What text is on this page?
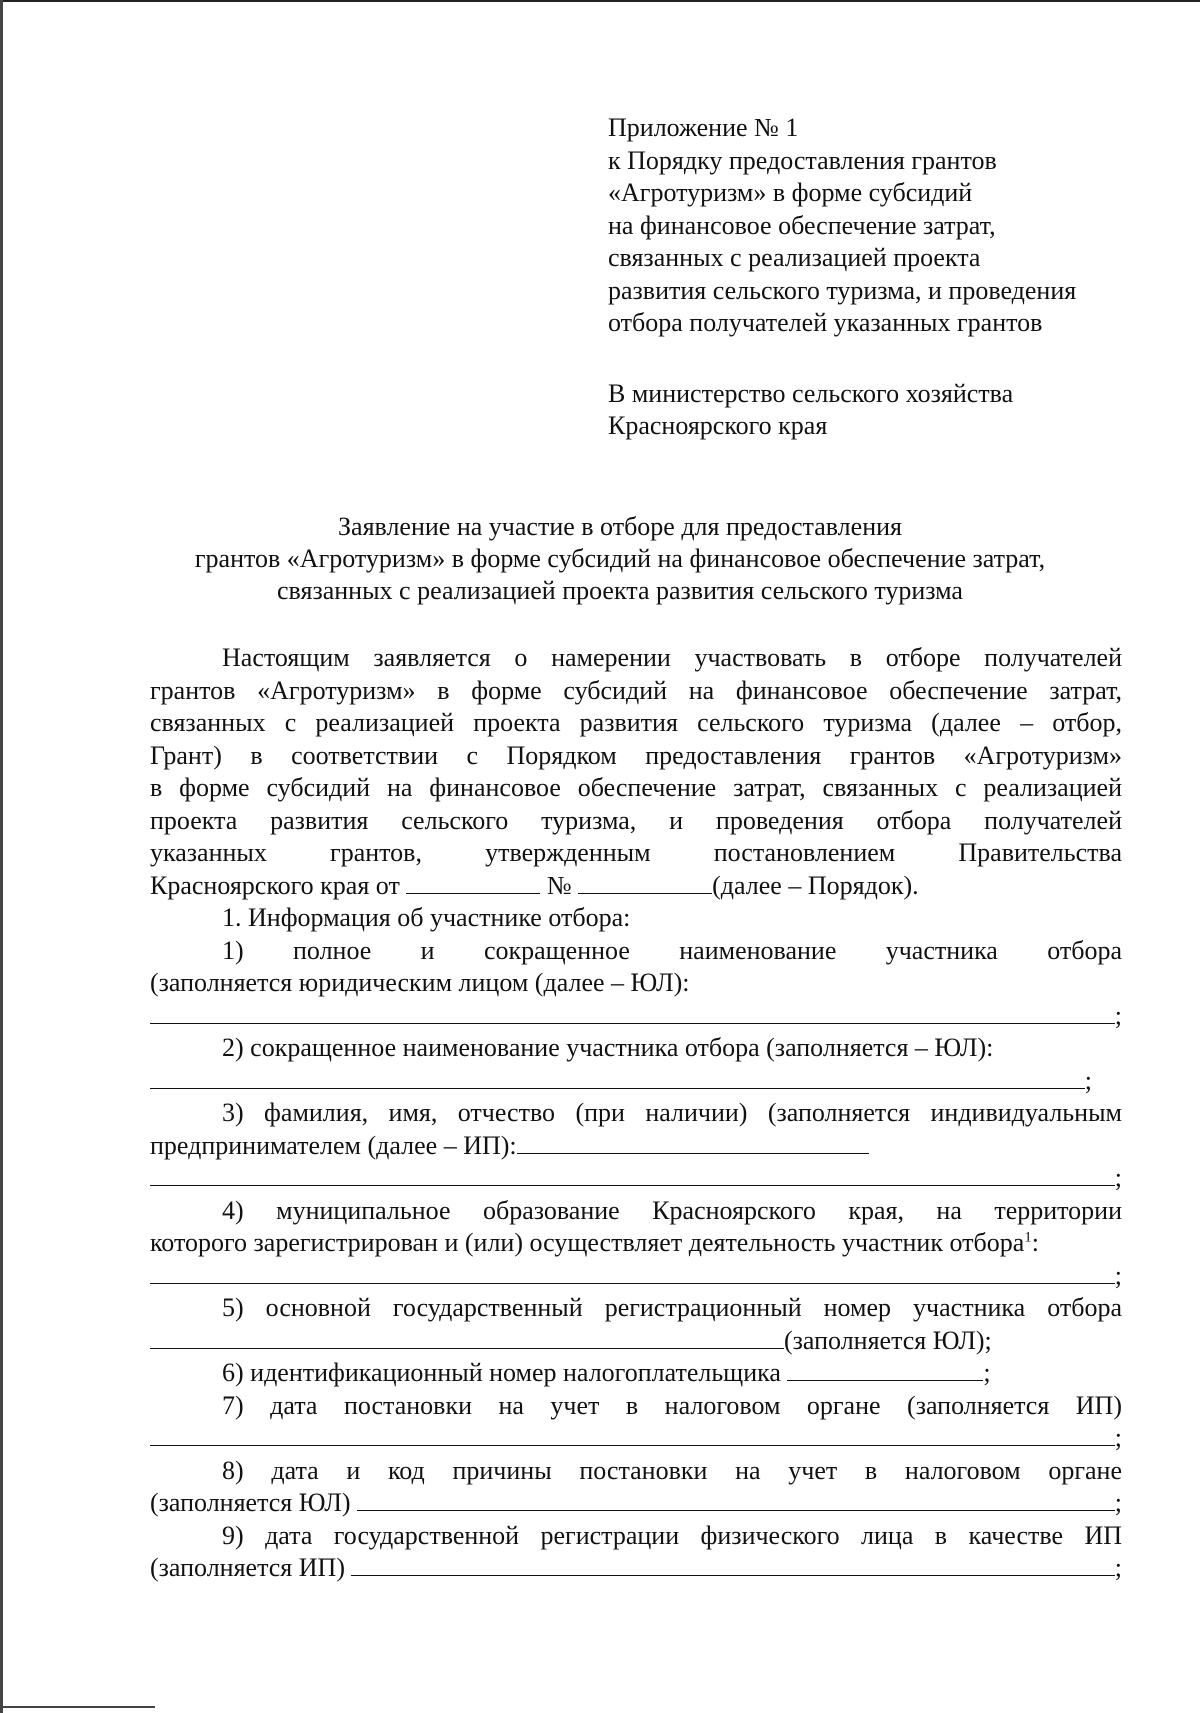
Приложение № 1
к Порядку предоставления грантов
«Агротуризм» в форме субсидий
на финансовое обеспечение затрат,
связанных с реализацией проекта
развития сельского туризма, и проведения
отбора получателей указанных грантов
В министерство сельского хозяйства
Красноярского края
Заявление на участие в отборе для предоставления
грантов «Агротуризм» в форме субсидий на финансовое обеспечение затрат,
связанных с реализацией проекта развития сельского туризма
Настоящим заявляется о намерении участвовать в отборе получателей
грантов «Агротуризм» в форме субсидий на финансовое обеспечение затрат,
связанных с реализацией проекта развития сельского туризма (далее – отбор,
Грант) в соответствии с Порядком предоставления грантов «Агротуризм»
в форме субсидий на финансовое обеспечение затрат, связанных с реализацией
проекта развития сельского туризма, и проведения отбора получателей
указанных грантов, утвержденным постановлением Правительства
Красноярского края от	№	(далее – Порядок).
1. Информация об участнике отбора:
1) полное и сокращенное наименование участника отбора
(заполняется юридическим лицом (далее – ЮЛ):
;
2) сокращенное наименование участника отбора (заполняется – ЮЛ):
;
3) фамилия, имя, отчество (при наличии) (заполняется индивидуальным
предпринимателем (далее – ИП):
;
4) муниципальное образование Красноярского края, на территории
которого зарегистрирован и (или) осуществляет деятельность участник отбора$^1$:
;
5) основной государственный регистрационный номер участника отбора
(заполняется ЮЛ);
6) идентификационный номер налогоплательщика	;
7) дата постановки на учет в налоговом органе (заполняется ИП)
;
8) дата и код причины постановки на учет в налоговом органе
(заполняется ЮЛ)
	;
9) дата государственной регистрации физического лица в качестве ИП
(заполняется ИП)
	;
